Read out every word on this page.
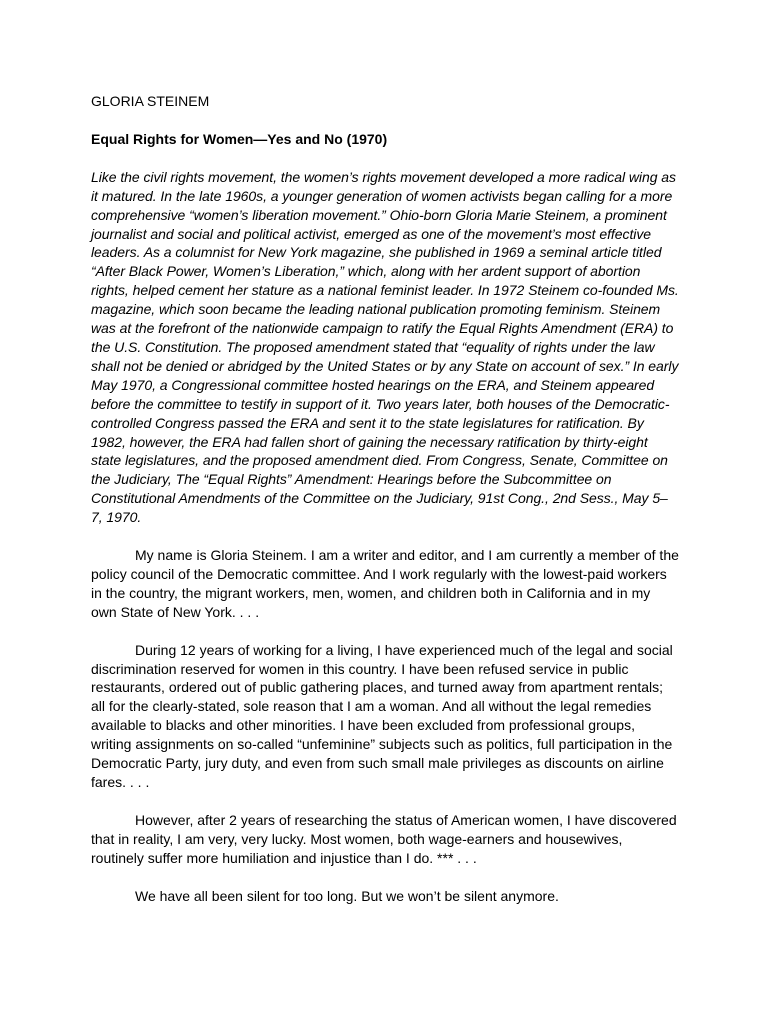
GLORIA STEINEM

Equal Rights for Women—Yes and No (1970)

Like the civil rights movement, the women’s rights movement developed a more radical wing as it matured. In the late 1960s, a younger generation of women activists began calling for a more comprehensive “women’s liberation movement.” Ohio-born Gloria Marie Steinem, a prominent journalist and social and political activist, emerged as one of the movement’s most effective leaders. As a columnist for New York magazine, she published in 1969 a seminal article titled “After Black Power, Women’s Liberation,” which, along with her ardent support of abortion rights, helped cement her stature as a national feminist leader. In 1972 Steinem co-founded Ms. magazine, which soon became the leading national publication promoting feminism. Steinem was at the forefront of the nationwide campaign to ratify the Equal Rights Amendment (ERA) to the U.S. Constitution. The proposed amendment stated that “equality of rights under the law shall not be denied or abridged by the United States or by any State on account of sex.” In early May 1970, a Congressional committee hosted hearings on the ERA, and Steinem appeared before the committee to testify in support of it. Two years later, both houses of the Democratic-controlled Congress passed the ERA and sent it to the state legislatures for ratification. By 1982, however, the ERA had fallen short of gaining the necessary ratification by thirty-eight state legislatures, and the proposed amendment died. From Congress, Senate, Committee on the Judiciary, The “Equal Rights” Amendment: Hearings before the Subcommittee on Constitutional Amendments of the Committee on the Judiciary, 91st Cong., 2nd Sess., May 5–7, 1970.

My name is Gloria Steinem. I am a writer and editor, and I am currently a member of the policy council of the Democratic committee. And I work regularly with the lowest-paid workers in the country, the migrant workers, men, women, and children both in California and in my own State of New York. . . .

During 12 years of working for a living, I have experienced much of the legal and social discrimination reserved for women in this country. I have been refused service in public restaurants, ordered out of public gathering places, and turned away from apartment rentals; all for the clearly-stated, sole reason that I am a woman. And all without the legal remedies available to blacks and other minorities. I have been excluded from professional groups, writing assignments on so-called “unfeminine” subjects such as politics, full participation in the Democratic Party, jury duty, and even from such small male privileges as discounts on airline fares. . . .

However, after 2 years of researching the status of American women, I have discovered that in reality, I am very, very lucky. Most women, both wage-earners and housewives, routinely suffer more humiliation and injustice than I do. *** . . .

We have all been silent for too long. But we won’t be silent anymore.
